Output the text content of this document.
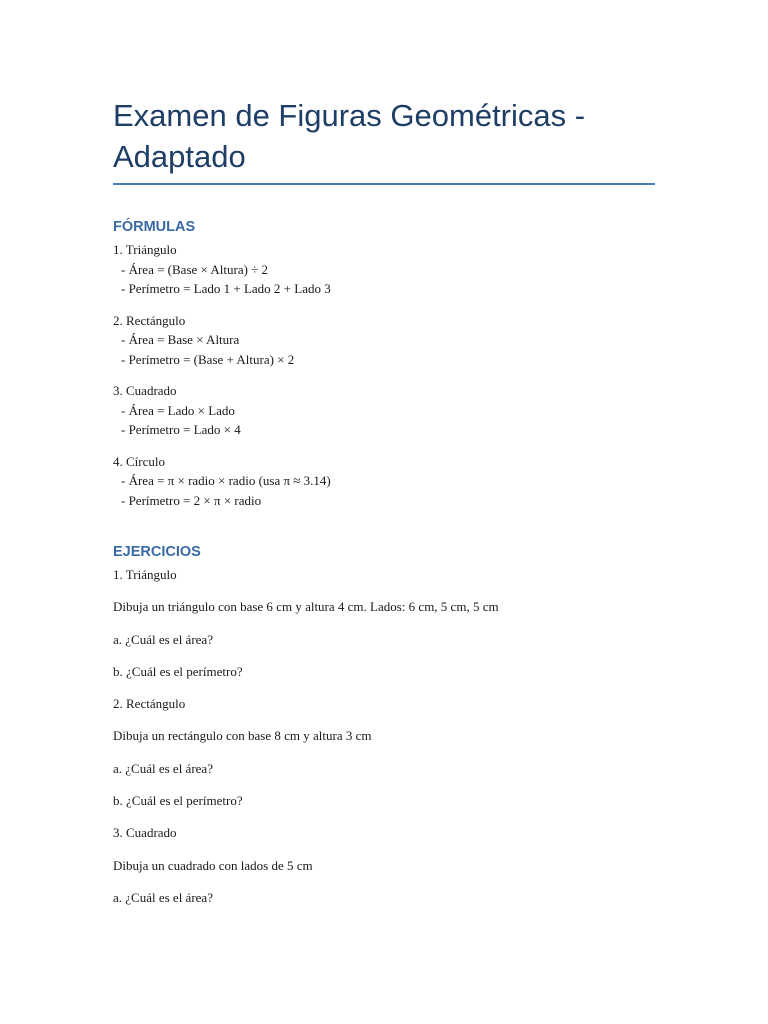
Examen de Figuras Geométricas - Adaptado
FÓRMULAS

1. Triángulo

- Área = (Base × Altura) ÷ 2

- Perímetro = Lado 1 + Lado 2 + Lado 3

2. Rectángulo

- Área = Base × Altura

- Perímetro = (Base + Altura) × 2

3. Cuadrado

- Área = Lado × Lado

- Perímetro = Lado × 4

4. Círculo

- Área = π × radio × radio (usa π ≈ 3.14)

- Perímetro = 2 × π × radio

EJERCICIOS

1. Triángulo

Dibuja un triángulo con base 6 cm y altura 4 cm. Lados: 6 cm, 5 cm, 5 cm

a. ¿Cuál es el área?

b. ¿Cuál es el perímetro?

2. Rectángulo

Dibuja un rectángulo con base 8 cm y altura 3 cm

a. ¿Cuál es el área?

b. ¿Cuál es el perímetro?

3. Cuadrado

Dibuja un cuadrado con lados de 5 cm

a. ¿Cuál es el área?
